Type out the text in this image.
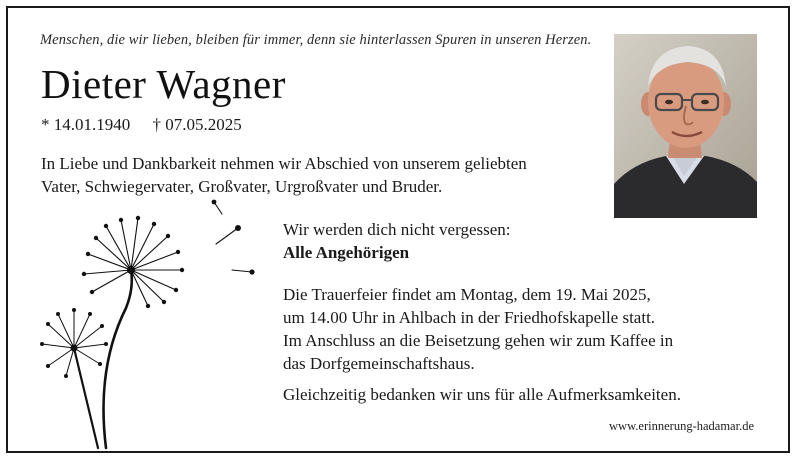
Menschen, die wir lieben, bleiben für immer, denn sie hinterlassen Spuren in unseren Herzen.
Dieter Wagner
* 14.01.1940 † 07.05.2025
In Liebe und Dankbarkeit nehmen wir Abschied von unserem geliebten
Vater, Schwiegervater, Großvater, Urgroßvater und Bruder.

Wir werden dich nicht vergessen:

Alle Angehörigen

Die Trauerfeier findet am Montag, dem 19. Mai 2025,
um 14.00 Uhr in Ahlbach in der Friedhofskapelle statt.
Im Anschluss an die Beisetzung gehen wir zum Kaffee in
das Dorfgemeinschaftshaus.

Gleichzeitig bedanken wir uns für alle Aufmerksamkeiten.

www.erinnerung-hadamar.de
